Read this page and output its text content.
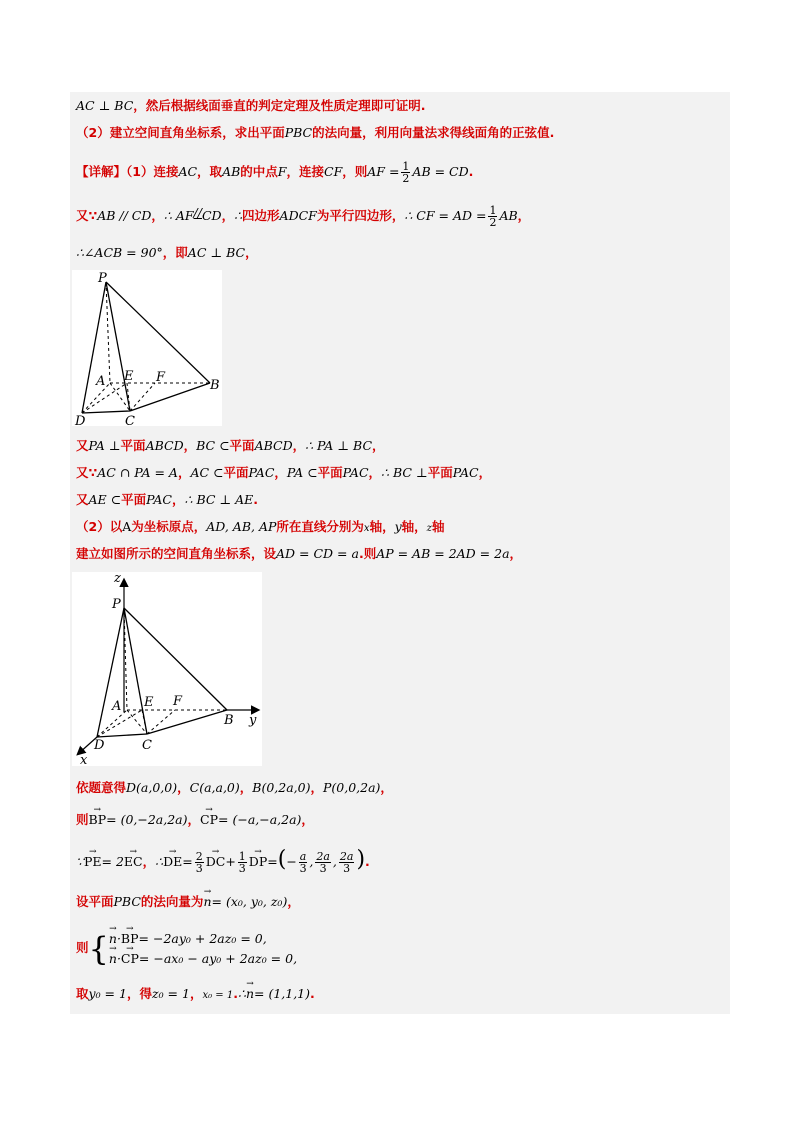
AC ⊥ BC，然后根据线面垂直的判定定理及性质定理即可证明.
（2）建立空间直角坐标系，求出平面PBC的法向量，利用向量法求得线面角的正弦值.
【详解】（1）连接AC，取AB的中点F，连接CF，则AF = $\frac{1}{2}$ AB = CD.
又∵AB // CD，∴ AF//CD，∴四边形ADCF为平行四边形，∴ CF = AD = $\frac{1}{2}$ AB，
∴∠ACB = 90°，即AC ⊥ BC，
P
A E F
B
D	C
又PA ⊥平面ABCD，BC ⊂平面ABCD，∴ PA ⊥ BC，
又∵AC ∩ PA = A，AC ⊂平面PAC，PA ⊂平面PAC，∴ BC ⊥平面PAC，
又AE ⊂平面PAC，∴ BC ⊥ AE.
（2）以A为坐标原点，AD, AB, AP所在直线分别为x轴，y轴，z轴
建立如图所示的空间直角坐标系，设AD = CD = a.则AP = AB = 2AD = 2a，
z
P
A E F
B y
D	C
x
依题意得D(a,0,0)，C(a,a,0)，B(0,2a,0)，P(0,0,2a)，
则→ BP= (0,−2a,2a)，→ CP= (−a,−a,2a)，
∵→ PE= 2→ EC，∴→ $DE= \frac{2}{3}$
→ $DC+ \frac{1}{3}$
→ $DP=(- \frac{a}{3}$ , $\frac{2a}{3}$ , $\frac{2a}{3}$ ).
设平面PBC的法向量为→ n= (x₀, y₀, z₀)，
则{
→ n·→ BP= −2ay₀ + 2az₀ = 0,
→ n·→ CP= −ax₀ − ay₀ + 2az₀ = 0,
取y₀ = 1，得z₀ = 1，x₀ = 1.∴→ n= (1,1,1).
